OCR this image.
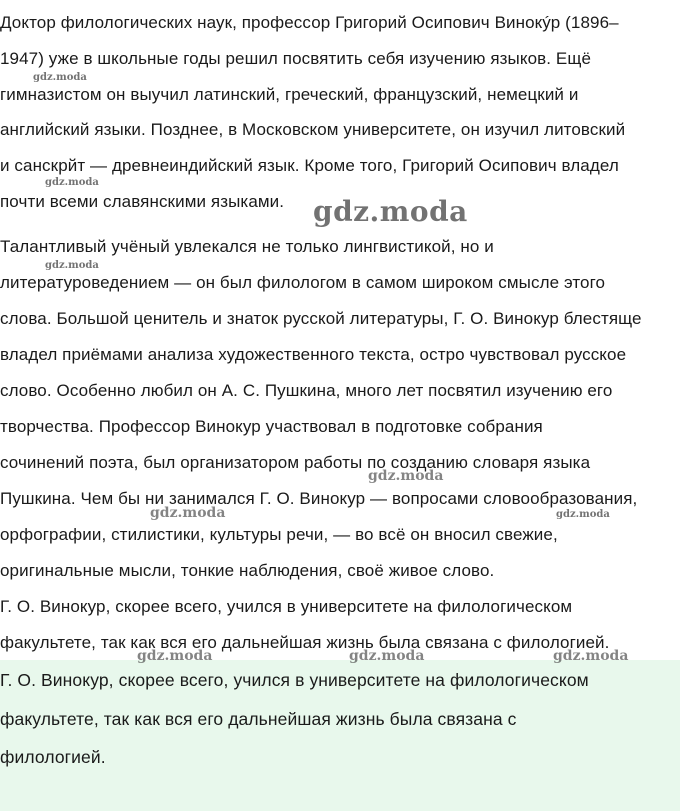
Доктор филологических наук, профессор Григорий Осипович Винокýр (1896–
1947) уже в школьные годы решил посвятить себя изучению языков. Ещё
гимназистом он выучил латинский, греческий, французский, немецкий и
английский языки. Позднее, в Московском университете, он изучил литовский
и санскрйт — древнеиндийский язык. Кроме того, Григорий Осипович владел
почти всеми славянскими языками.
Талантливый учёный увлекался не только лингвистикой, но и
литературоведением — он был филологом в самом широком смысле этого
слова. Большой ценитель и знаток русской литературы, Г. О. Винокур блестяще
владел приёмами анализа художественного текста, остро чувствовал русское
слово. Особенно любил он А. С. Пушкина, много лет посвятил изучению его
творчества. Профессор Винокур участвовал в подготовке собрания
сочинений поэта, был организатором работы по созданию словаря языка
Пушкина. Чем бы ни занимался Г. О. Винокур — вопросами словообразования,
орфографии, стилистики, культуры речи, — во всё он вносил свежие,
оригинальные мысли, тонкие наблюдения, своё живое слово.
Г. О. Винокур, скорее всего, учился в университете на филологическом
факультете, так как вся его дальнейшая жизнь была связана с филологией.
Г. О. Винокур, скорее всего, учился в университете на филологическом
факультете, так как вся его дальнейшая жизнь была связана с
филологией.
gdz.moda
gdz.moda
gdz.moda
gdz.moda
gdz.moda
gdz.moda	gdz.moda
gdz.moda	gdz.moda	gdz.moda
